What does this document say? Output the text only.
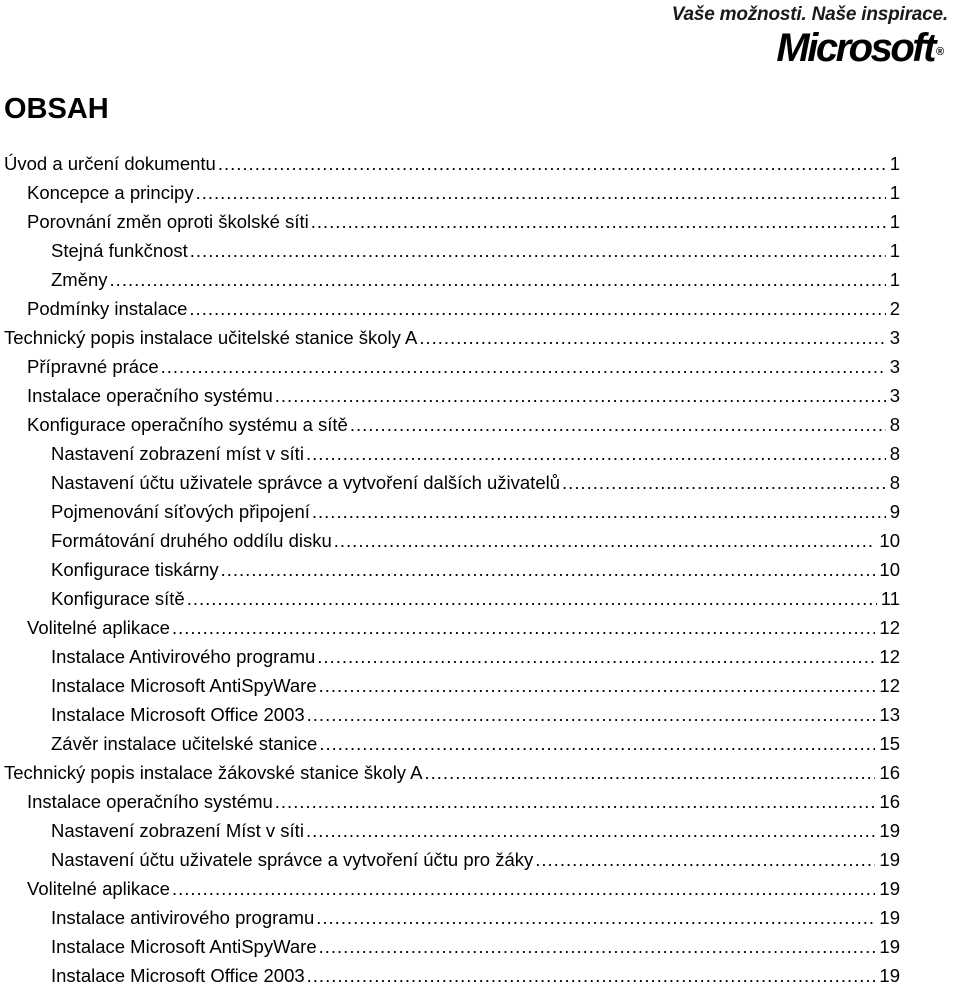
Vaše možnosti. Naše inspirace.
Microsoft ®
OBSAH
Úvod a určení dokumentu .....	1
Koncepce a principy .....	1
Porovnání změn oproti školské síti .....	1
Stejná funkčnost .....	1
Změny .....	1
Podmínky instalace .....	2
Technický popis instalace učitelské stanice školy A .....	3
Přípravné práce .....	3
Instalace operačního systému .....	3
Konfigurace operačního systému a sítě .....	8
Nastavení zobrazení míst v síti .....	8
Nastavení účtu uživatele správce a vytvoření dalších uživatelů .....	8
Pojmenování síťových připojení .....	9
Formátování druhého oddílu disku .....	10
Konfigurace tiskárny .....	10
Konfigurace sítě .....	11
Volitelné aplikace .....	12
Instalace Antivirového programu .....	12
Instalace Microsoft AntiSpyWare .....	12
Instalace Microsoft Office 2003 .....	13
Závěr instalace učitelské stanice .....	15
Technický popis instalace žákovské stanice školy A .....	16
Instalace operačního systému .....	16
Nastavení zobrazení Míst v síti .....	19
Nastavení účtu uživatele správce a vytvoření účtu pro žáky .....	19
Volitelné aplikace .....	19
Instalace antivirového programu .....	19
Instalace Microsoft AntiSpyWare .....	19
Instalace Microsoft Office 2003 .....	19
